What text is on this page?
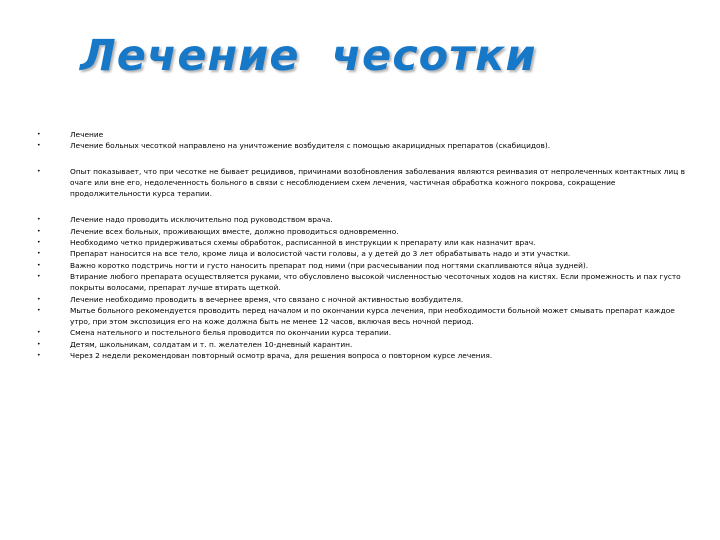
Лечение  чесотки
•	Лечение
•	Лечение больных чесоткой направлено на уничтожение возбудителя с помощью акарицидных препаратов (скабицидов).
•	Опыт показывает, что при чесотке не бывает рецидивов, причинами возобновления заболевания являются реинвазия от непролеченных контактных лиц в очаге или вне его, недолеченность больного в связи с несоблюдением схем лечения, частичная обработка кожного покрова, сокращение продолжительности курса терапии.
•	Лечение надо проводить исключительно под руководством врача.
•	Лечение всех больных, проживающих вместе, должно проводиться одновременно.
•	Необходимо четко придерживаться схемы обработок, расписанной в инструкции к препарату или как назначит врач.
•	Препарат наносится на все тело, кроме лица и волосистой части головы, а у детей до 3 лет обрабатывать надо и эти участки.
•	Важно коротко подстричь ногти и густо наносить препарат под ними (при расчесывании под ногтями скапливаются яйца зудней).
•	Втирание любого препарата осуществляется руками, что обусловлено высокой численностью чесоточных ходов на кистях. Если промежность и пах густо покрыты волосами, препарат лучше втирать щеткой.
•	Лечение необходимо проводить в вечернее время, что связано с ночной активностью возбудителя.
•	Мытье больного рекомендуется проводить перед началом и по окончании курса лечения, при необходимости больной может смывать препарат каждое утро, при этом экспозиция его на коже должна быть не менее 12 часов, включая весь ночной период.
•	Смена нательного и постельного белья проводится по окончании курса терапии.
•	Детям, школьникам, солдатам и т. п. желателен 10-дневный карантин.
•	Через 2 недели рекомендован повторный осмотр врача, для решения вопроса о повторном курсе лечения.
